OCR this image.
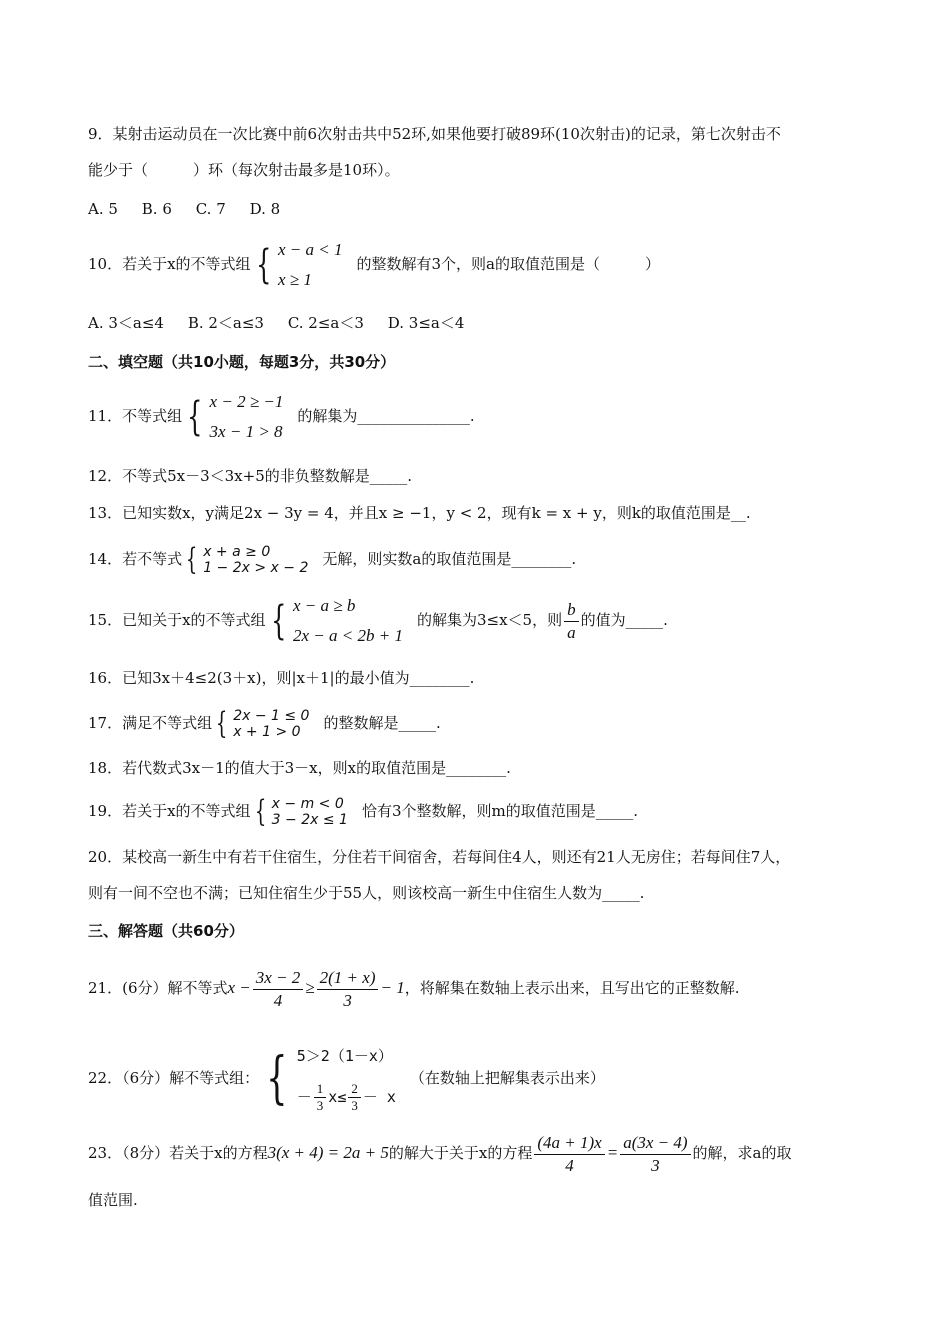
9．某射击运动员在一次比赛中前6次射击共中52环,如果他要打破89环(10次射击)的记录，第七次射击不
能少于（　　　）环（每次射击最多是10环）。
A. 5 B. 6 C. 7 D. 8
10．若关于x的不等式组 { x − a < 1
x ≥ 1
的整数解有3个，则a的取值范围是（　　　）
A. 3＜a≤4 B. 2＜a≤3 C. 2≤a＜3 D. 3≤a＜4
二、填空题（共10小题，每题3分，共30分）
11．不等式组 { x − 2 ≥ −1
3x − 1 > 8
的解集为_______________.
12．不等式5x－3＜3x+5的非负整数解是_____.
13．已知实数x，y满足2x − 3y = 4，并且x ≥ −1，y < 2，现有k = x + y，则k的取值范围是__.
14．若不等式 { x + a ≥ 0
1 − 2x > x − 2 无解，则实数a的取值范围是________.
15．已知关于x的不等式组 { x − a ≥ b
2x − a < 2b + 1
的解集为3≤x＜5，则 $\frac{b}{a}$ 的值为_____.
16．已知3x＋4≤2(3＋x)，则|x＋1|的最小值为________.
17．满足不等式组 { 2x − 1 ≤ 0
x + 1 > 0	的整数解是_____.
18．若代数式3x－1的值大于3－x，则x的取值范围是________.
19．若关于x的不等式组 { x − m < 0
3 − 2x ≤ 1 恰有3个整数解，则m的取值范围是_____.
20．某校高一新生中有若干住宿生，分住若干间宿舍，若每间住4人，则还有21人无房住；若每间住7人，
则有一间不空也不满；已知住宿生少于55人，则该校高一新生中住宿生人数为_____.
三、解答题（共60分）
21．(6分）解不等式$x - \frac{3x - 2}{4} \ge \frac{2(1 + x)}{3} - 1$，将解集在数轴上表示出来，且写出它的正整数解.
22．（6分）解不等式组： { 5＞2（1－x）
－ $\frac{1}{3} x\le \frac{2}{3} - x$
（在数轴上把解集表示出来）
23．（8分）若关于x的方程3(x + 4) = 2a + 5的解大于关于x的方程 $\frac{(4a + 1)x}{4} = \frac{a(3x - 4)}{3}$ 的解，求a的取
值范围.
